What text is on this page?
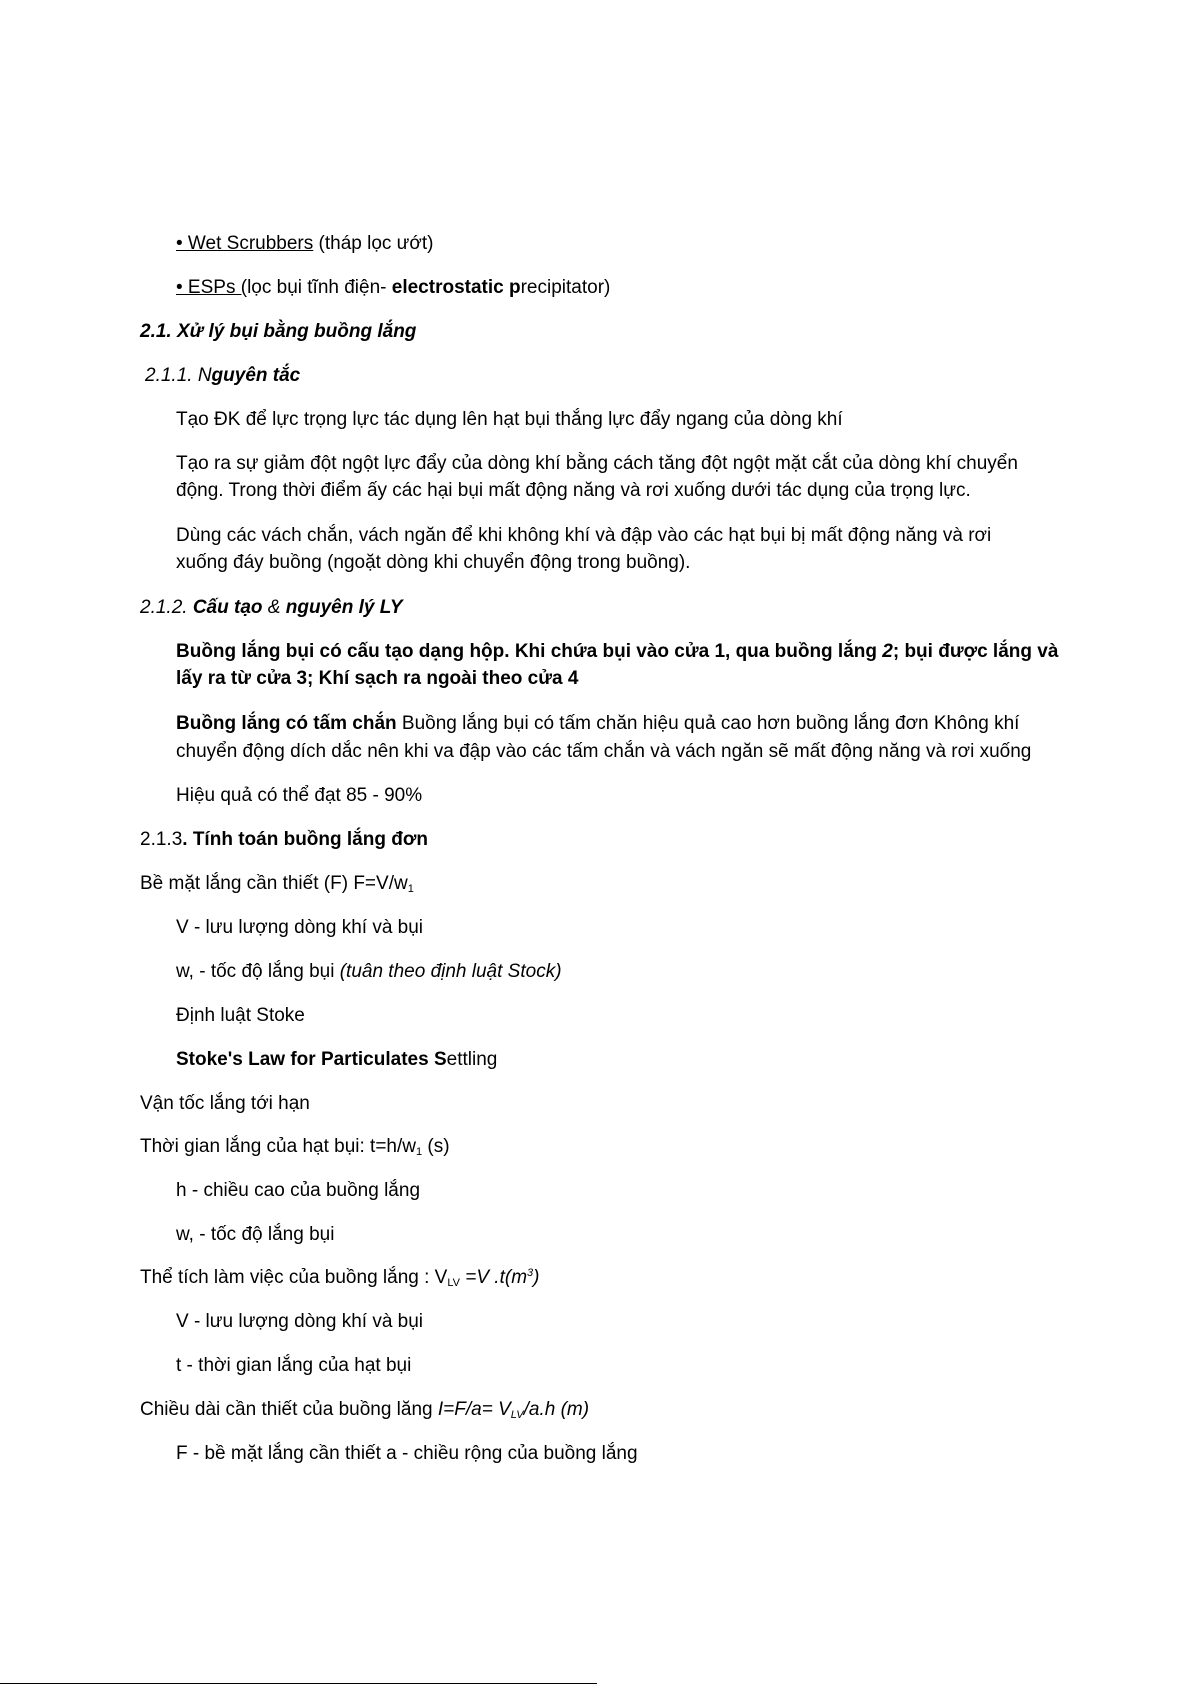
• Wet Scrubbers (tháp lọc ướt)
• ESPs (lọc bụi tĩnh điện- electrostatic precipitator)
2.1. Xử lý bụi bằng buồng lắng
2.1.1. Nguyên tắc
Tạo ĐK để lực trọng lực tác dụng lên hạt bụi thắng lực đẩy ngang của dòng khí
Tạo ra sự giảm đột ngột lực đẩy của dòng khí bằng cách tăng đột ngột mặt cắt của dòng khí chuyển
động. Trong thời điểm ấy các hại bụi mất động năng và rơi xuống dưới tác dụng của trọng lực.
Dùng các vách chắn, vách ngăn để khi không khí và đập vào các hạt bụi bị mất động năng và rơi
xuống đáy buồng (ngoặt dòng khi chuyển động trong buồng).
2.1.2. Cấu tạo & nguyên lý LY
Buồng lắng bụi có cấu tạo dạng hộp. Khi chứa bụi vào cửa 1, qua buồng lắng 2; bụi được lắng và
lấy ra từ cửa 3; Khí sạch ra ngoài theo cửa 4
Buồng lắng có tấm chắn Buồng lắng bụi có tấm chăn hiệu quả cao hơn buồng lắng đơn Không khí
chuyển động dích dắc nên khi va đập vào các tấm chắn và vách ngăn sẽ mất động năng và rơi xuống
Hiệu quả có thể đạt 85 - 90%
2.1.3. Tính toán buồng lắng đơn
Bề mặt lắng cần thiết (F) $F=V/w_1$
V - lưu lượng dòng khí và bụi
w, - tốc độ lắng bụi (tuân theo định luật Stock)
Định luật Stoke
Stoke's Law for Particulates Settling
Vận tốc lắng tới hạn
Thời gian lắng của hạt bụi: $t=h/w_1$ (s)
h - chiều cao của buồng lắng
w, - tốc độ lắng bụi
Thể tích làm việc của buồng lắng : $V_{LV} =V$ $.t(m^3)$
V - lưu lượng dòng khí và bụi
t - thời gian lắng của hạt bụi
Chiều dài cần thiết của buồng lăng $I=F/a= V_{LV}/a.h$ (m)
F - bề mặt lắng cần thiết a - chiều rộng của buồng lắng
